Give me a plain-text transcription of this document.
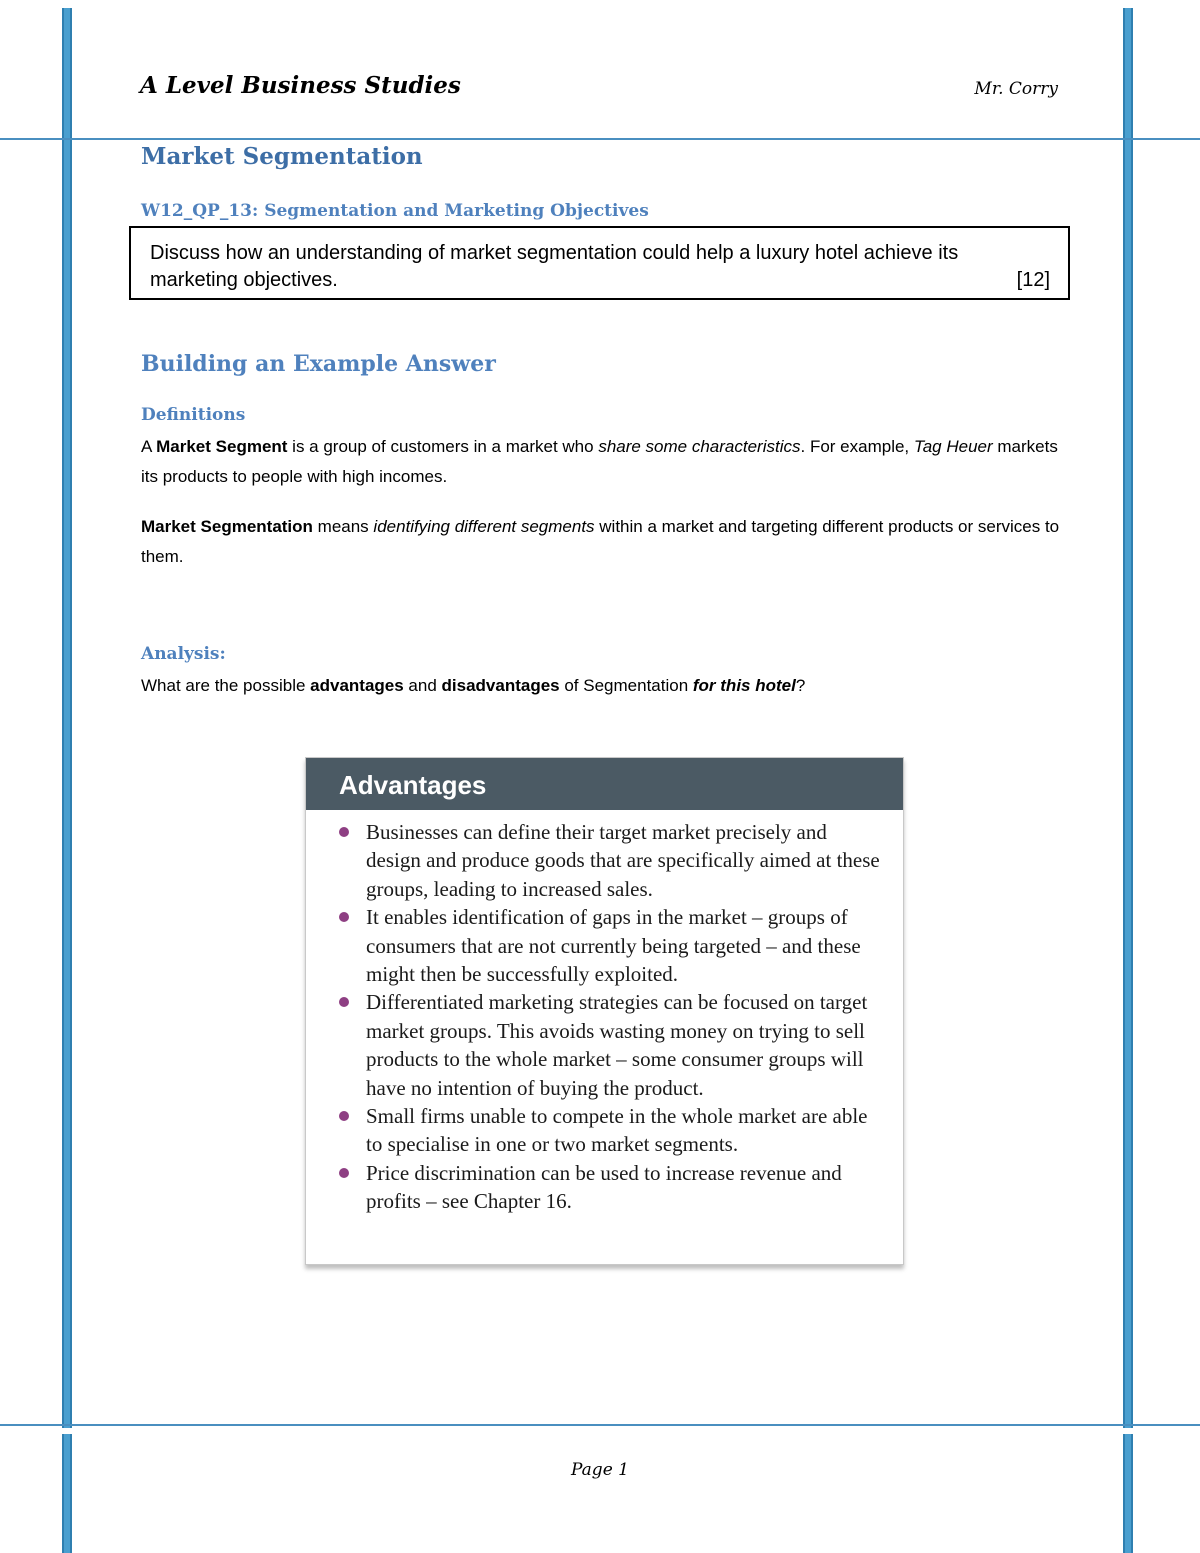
A Level Business Studies	Mr. Corry
Market Segmentation
W12_QP_13: Segmentation and Marketing Objectives
Discuss how an understanding of market segmentation could help a luxury hotel achieve its
marketing objectives.	[12]
Building an Example Answer
Definitions
A Market Segment is a group of customers in a market who share some characteristics. For example, Tag Heuer markets its products to people with high incomes.
Market Segmentation means identifying different segments within a market and targeting different products or services to them.
Analysis:
What are the possible advantages and disadvantages of Segmentation for this hotel?
Advantages
Businesses can define their target market precisely and design and produce goods that are specifically aimed at these groups, leading to increased sales.
It enables identification of gaps in the market – groups of consumers that are not currently being targeted – and these might then be successfully exploited.
Differentiated marketing strategies can be focused on target market groups. This avoids wasting money on trying to sell products to the whole market – some consumer groups will have no intention of buying the product.
Small firms unable to compete in the whole market are able to specialise in one or two market segments.
Price discrimination can be used to increase revenue and profits – see Chapter 16.
Page 1
